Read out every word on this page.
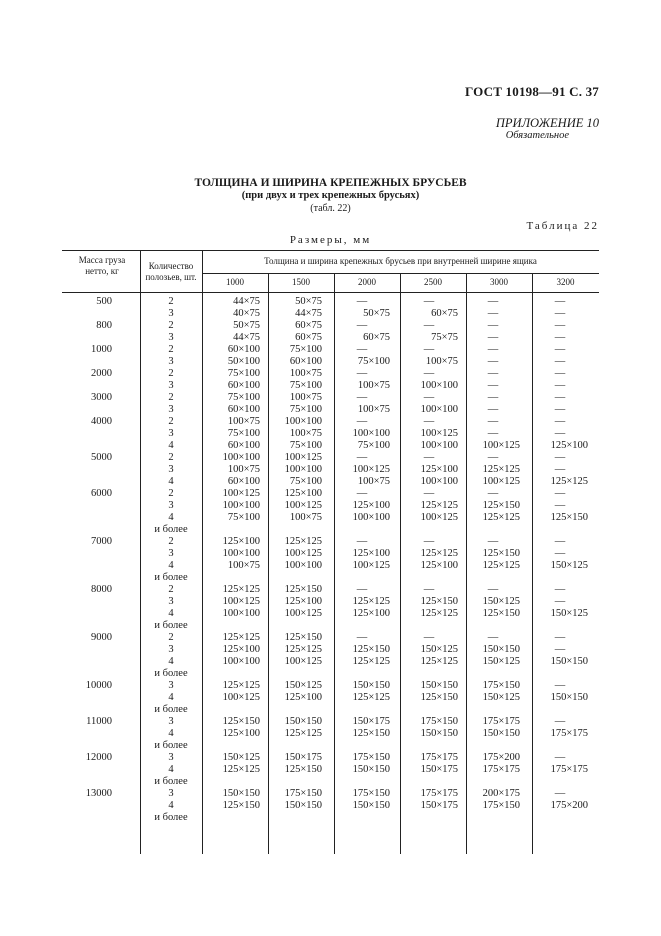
ГОСТ 10198—91 С. 37
ПРИЛОЖЕНИЕ 10
Обязательное
ТОЛЩИНА И ШИРИНА КРЕПЕЖНЫХ БРУСЬЕВ
(при двух и трех крепежных брусьях)
(табл. 22)
Таблица 22
Размеры, мм
Масса груза нетто, кг	Количество полозьев, шт.
Толщина и ширина крепежных брусьев при внутренней ширине ящика
1000	1500	2000	2500	3000	3200
500	2	44×75	50×75	—	—	—	—
3	40×75	44×75	50×75	60×75	—	—
800	2	50×75	60×75	—	—	—	—
3	44×75	60×75	60×75	75×75	—	—
1000	2	60×100	75×100	—	—	—	—
3	50×100	60×100	75×100	100×75	—	—
2000	2	75×100	100×75	—	—	—	—
3	60×100	75×100	100×75	100×100	—	—
3000	2	75×100	100×75	—	—	—	—
3	60×100	75×100	100×75	100×100	—	—
4000	2	100×75	100×100	—	—	—	—
3	75×100	100×75	100×100	100×125	—	—
4	60×100	75×100	75×100	100×100	100×125	125×100
5000	2	100×100	100×125	—	—	—	—
3	100×75	100×100	100×125	125×100	125×125	—
4	60×100	75×100	100×75	100×100	100×125	125×125
6000	2	100×125	125×100	—	—	—	—
3	100×100	100×125	125×100	125×125	125×150	—
4	75×100	100×75	100×100	100×125	125×125	125×150
и более
7000	2	125×100	125×125	—	—	—	—
3	100×100	100×125	125×100	125×125	125×150	—
4	100×75	100×100	100×125	125×100	125×125	150×125
и более
8000	2	125×125	125×150	—	—	—	—
3	100×125	125×100	125×125	125×150	150×125	—
4	100×100	100×125	125×100	125×125	125×150	150×125
и более
9000	2	125×125	125×150	—	—	—	—
3	125×100	125×125	125×150	150×125	150×150	—
4	100×100	100×125	125×125	125×125	150×125	150×150
и более
10000	3	125×125	150×125	150×150	150×150	175×150	—
4	100×125	125×100	125×125	125×150	150×125	150×150
и более
11000	3	125×150	150×150	150×175	175×150	175×175	—
4	125×100	125×125	125×150	150×150	150×150	175×175
и более
12000	3	150×125	150×175	175×150	175×175	175×200	—
4	125×125	125×150	150×150	150×175	175×175	175×175
и более
13000	3	150×150	175×150	175×150	175×175	200×175	—
4	125×150	150×150	150×150	150×175	175×150	175×200
и более
